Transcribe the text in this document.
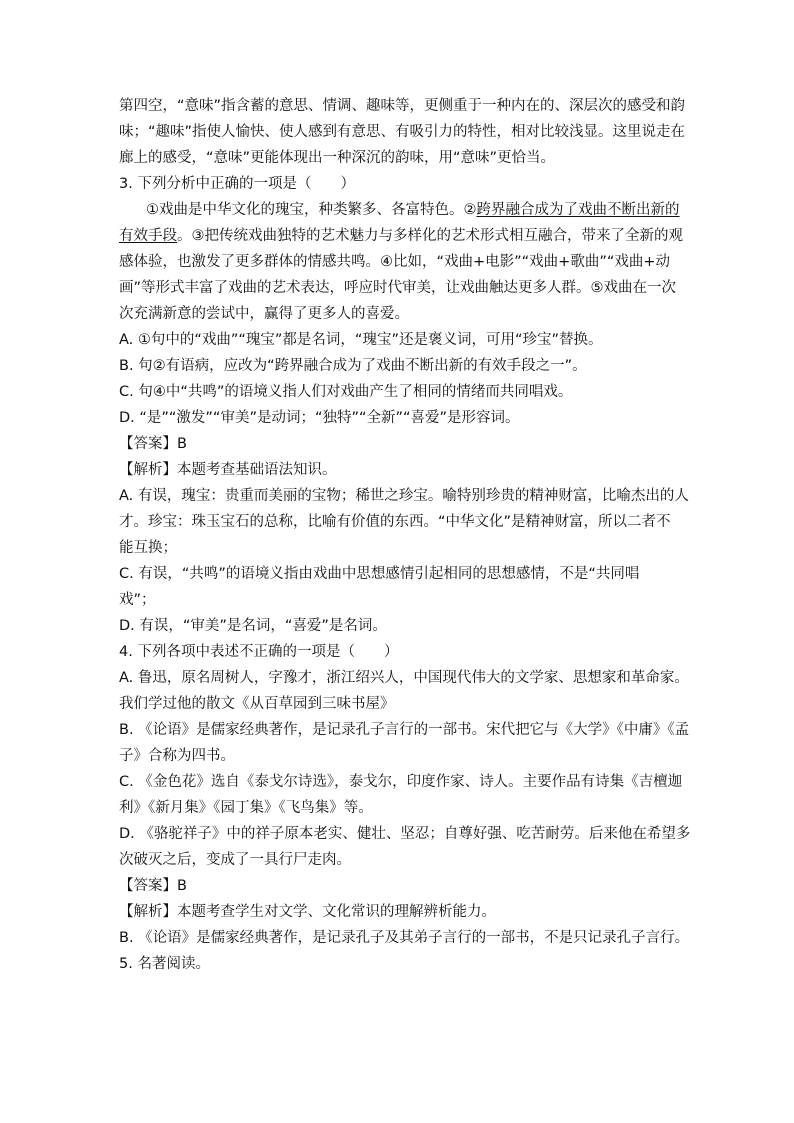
第四空，“意味”指含蓄的意思、情调、趣味等，更侧重于一种内在的、深层次的感受和韵
味；“趣味”指使人愉快、使人感到有意思、有吸引力的特性，相对比较浅显。这里说走在
廊上的感受，“意味”更能体现出一种深沉的韵味，用“意味”更恰当。
3. 下列分析中正确的一项是（　　）
①戏曲是中华文化的瑰宝，种类繁多、各富特色。②跨界融合成为了戏曲不断出新的
有效手段。③把传统戏曲独特的艺术魅力与多样化的艺术形式相互融合，带来了全新的观
感体验，也激发了更多群体的情感共鸣。④比如，“戏曲+电影”“戏曲+歌曲”“戏曲+动
画”等形式丰富了戏曲的艺术表达，呼应时代审美，让戏曲触达更多人群。⑤戏曲在一次
次充满新意的尝试中，赢得了更多人的喜爱。
A. ①句中的“戏曲”“瑰宝”都是名词，“瑰宝”还是褒义词，可用“珍宝”替换。
B. 句②有语病，应改为“跨界融合成为了戏曲不断出新的有效手段之一”。
C. 句④中“共鸣”的语境义指人们对戏曲产生了相同的情绪而共同唱戏。
D. “是”“激发”“审美”是动词；“独特”“全新”“喜爱”是形容词。
【答案】B
【解析】本题考查基础语法知识。
A. 有误，瑰宝：贵重而美丽的宝物；稀世之珍宝。喻特别珍贵的精神财富，比喻杰出的人
才。珍宝：珠玉宝石的总称，比喻有价值的东西。“中华文化”是精神财富，所以二者不
能互换；
C. 有误，“共鸣”的语境义指由戏曲中思想感情引起相同的思想感情，不是“共同唱
戏”；
D. 有误，“审美”是名词，“喜爱”是名词。
4. 下列各项中表述不正确的一项是（　　）
A. 鲁迅，原名周树人，字豫才，浙江绍兴人，中国现代伟大的文学家、思想家和革命家。
我们学过他的散文《从百草园到三味书屋》
B. 《论语》是儒家经典著作，是记录孔子言行的一部书。宋代把它与《大学》《中庸》《孟
子》合称为四书。
C. 《金色花》选自《泰戈尔诗选》，泰戈尔，印度作家、诗人。主要作品有诗集《吉檀迦
利》《新月集》《园丁集》《飞鸟集》等。
D. 《骆驼祥子》中的祥子原本老实、健壮、坚忍；自尊好强、吃苦耐劳。后来他在希望多
次破灭之后，变成了一具行尸走肉。
【答案】B
【解析】本题考查学生对文学、文化常识的理解辨析能力。
B. 《论语》是儒家经典著作，是记录孔子及其弟子言行的一部书，不是只记录孔子言行。
5. 名著阅读。
